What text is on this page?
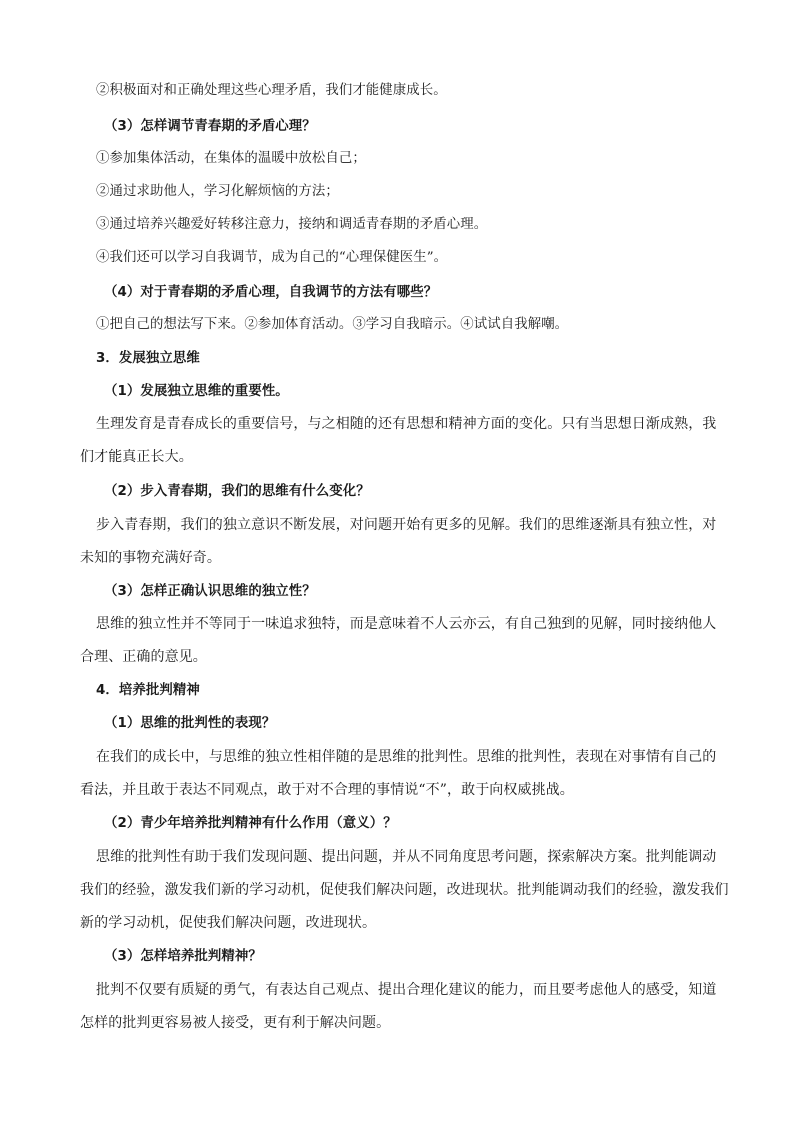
②积极面对和正确处理这些心理矛盾，我们才能健康成长。
（3）怎样调节青春期的矛盾心理？
①参加集体活动，在集体的温暖中放松自己；
②通过求助他人，学习化解烦恼的方法；
③通过培养兴趣爱好转移注意力，接纳和调适青春期的矛盾心理。
④我们还可以学习自我调节，成为自己的“心理保健医生”。
（4）对于青春期的矛盾心理，自我调节的方法有哪些？
①把自己的想法写下来。②参加体育活动。③学习自我暗示。④试试自我解嘲。
3．发展独立思维
（1）发展独立思维的重要性。
生理发育是青春成长的重要信号，与之相随的还有思想和精神方面的变化。只有当思想日渐成熟，我
们才能真正长大。
（2）步入青春期，我们的思维有什么变化？
步入青春期，我们的独立意识不断发展，对问题开始有更多的见解。我们的思维逐渐具有独立性，对
未知的事物充满好奇。
（3）怎样正确认识思维的独立性？
思维的独立性并不等同于一味追求独特，而是意味着不人云亦云，有自己独到的见解，同时接纳他人
合理、正确的意见。
4．培养批判精神
（1）思维的批判性的表现？
在我们的成长中，与思维的独立性相伴随的是思维的批判性。思维的批判性，表现在对事情有自己的
看法，并且敢于表达不同观点，敢于对不合理的事情说“不”，敢于向权威挑战。
（2）青少年培养批判精神有什么作用（意义）？
思维的批判性有助于我们发现问题、提出问题，并从不同角度思考问题，探索解决方案。批判能调动
我们的经验，激发我们新的学习动机，促使我们解决问题，改进现状。批判能调动我们的经验，激发我们
新的学习动机，促使我们解决问题，改进现状。
（3）怎样培养批判精神？
批判不仅要有质疑的勇气，有表达自己观点、提出合理化建议的能力，而且要考虑他人的感受，知道
怎样的批判更容易被人接受，更有利于解决问题。
